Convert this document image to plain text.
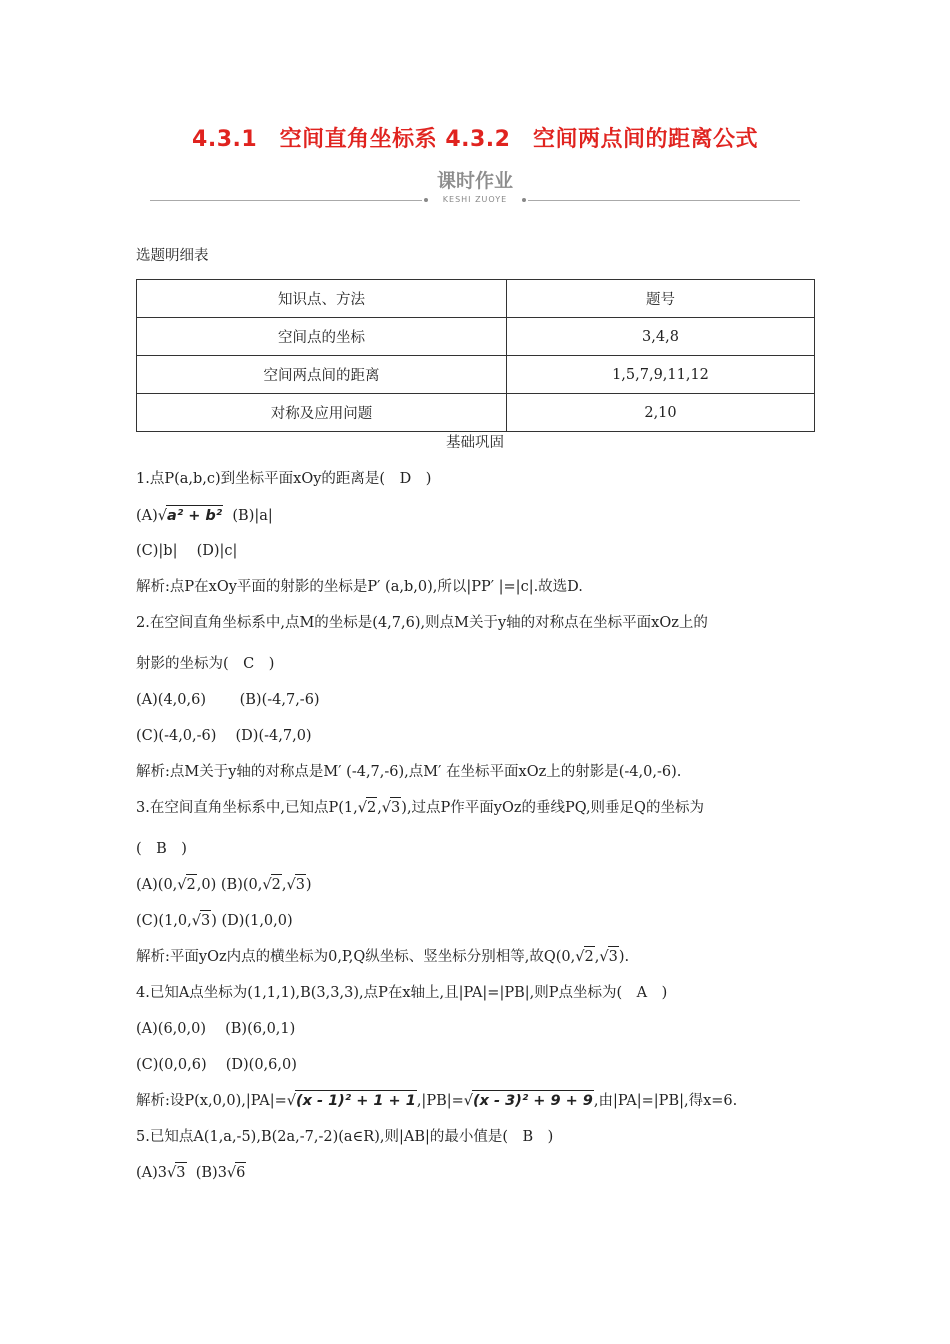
4.3.1　空间直角坐标系 4.3.2　空间两点间的距离公式
课时作业
KESHI ZUOYE
选题明细表
知识点、方法	题号
空间点的坐标	3,4,8
空间两点间的距离	1,5,7,9,11,12
对称及应用问题	2,10
基础巩固
1.点P(a,b,c)到坐标平面xOy的距离是(　D　)
(A)√a² + b² (B)|a|
(C)|b|　 (D)|c|
解析:点P在xOy平面的射影的坐标是P′ (a,b,0),所以|PP′ |=|c|.故选D.
2.在空间直角坐标系中,点M的坐标是(4,7,6),则点M关于y轴的对称点在坐标平面xOz上的
射影的坐标为(　C　)
(A)(4,0,6)　　 (B)(-4,7,-6)
(C)(-4,0,-6)　 (D)(-4,7,0)
解析:点M关于y轴的对称点是M′ (-4,7,-6),点M′ 在坐标平面xOz上的射影是(-4,0,-6).
3.在空间直角坐标系中,已知点P(1,√2,√3),过点P作平面yOz的垂线PQ,则垂足Q的坐标为
(　B　)
(A)(0,√2,0) (B)(0,√2,√3)
(C)(1,0,√3) (D)(1,0,0)
解析:平面yOz内点的横坐标为0,P,Q纵坐标、竖坐标分别相等,故Q(0,√2,√3).
4.已知A点坐标为(1,1,1),B(3,3,3),点P在x轴上,且|PA|=|PB|,则P点坐标为(　A　)
(A)(6,0,0)　 (B)(6,0,1)
(C)(0,0,6)　 (D)(0,6,0)
解析:设P(x,0,0),|PA|=√(x - 1)² + 1 + 1,|PB|=√(x - 3)² + 9 + 9,由|PA|=|PB|,得x=6.
5.已知点A(1,a,-5),B(2a,-7,-2)(a∈R),则|AB|的最小值是(　B　)
(A)3√3 (B)3√6
